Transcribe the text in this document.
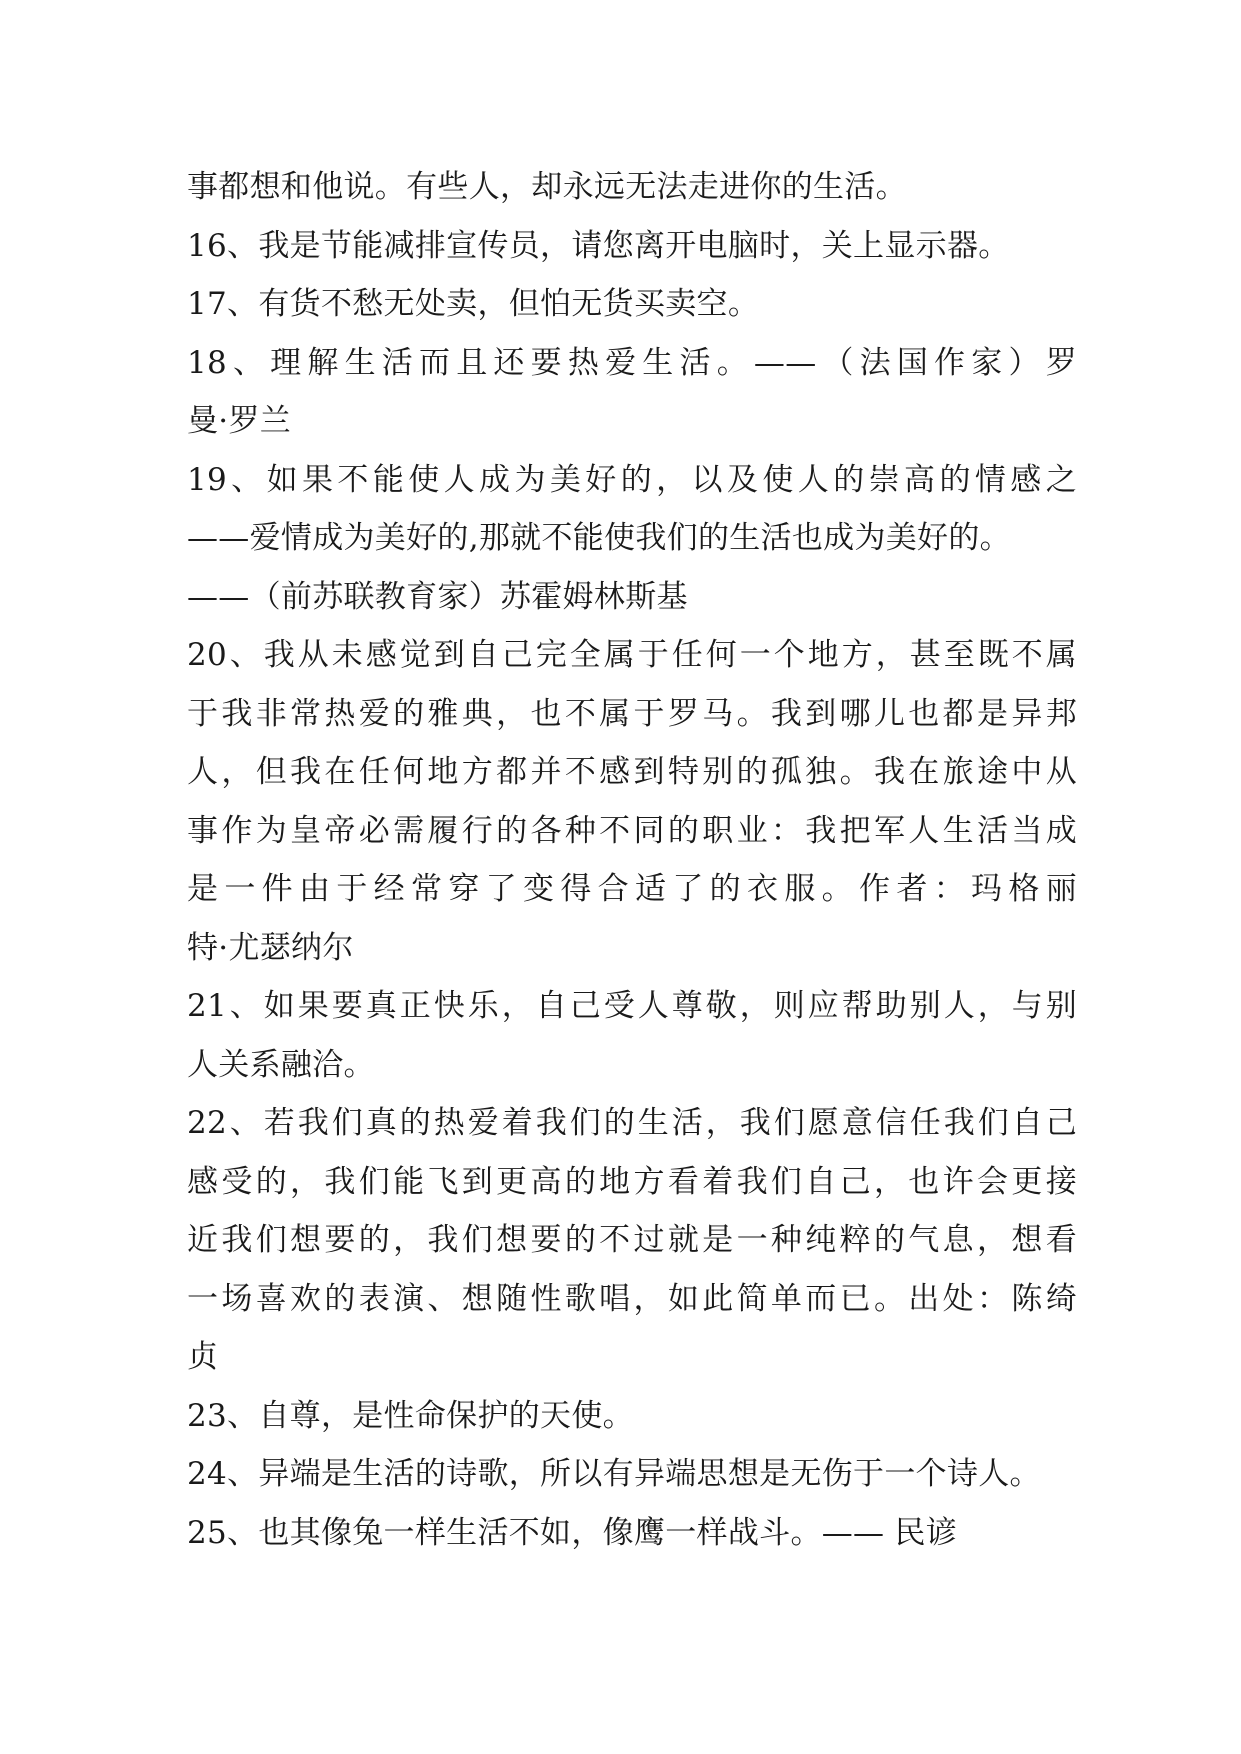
事都想和他说。有些人，却永远无法走进你的生活。
16、我是节能减排宣传员，请您离开电脑时，关上显示器。
17、有货不愁无处卖，但怕无货买卖空。
18、理解生活而且还要热爱生活。——（法国作家）罗
曼·罗兰
19、如果不能使人成为美好的，以及使人的崇高的情感之
——爱情成为美好的,那就不能使我们的生活也成为美好的。
——（前苏联教育家）苏霍姆林斯基
20、我从未感觉到自己完全属于任何一个地方，甚至既不属
于我非常热爱的雅典，也不属于罗马。我到哪儿也都是异邦
人，但我在任何地方都并不感到特别的孤独。我在旅途中从
事作为皇帝必需履行的各种不同的职业：我把军人生活当成
是一件由于经常穿了变得合适了的衣服。作者：玛格丽
特·尤瑟纳尔
21、如果要真正快乐，自己受人尊敬，则应帮助别人，与别
人关系融洽。
22、若我们真的热爱着我们的生活，我们愿意信任我们自己
感受的，我们能飞到更高的地方看着我们自己，也许会更接
近我们想要的，我们想要的不过就是一种纯粹的气息，想看
一场喜欢的表演、想随性歌唱，如此简单而已。出处：陈绮
贞
23、自尊，是性命保护的天使。
24、异端是生活的诗歌，所以有异端思想是无伤于一个诗人。
25、也其像兔一样生活不如，像鹰一样战斗。—— 民谚
